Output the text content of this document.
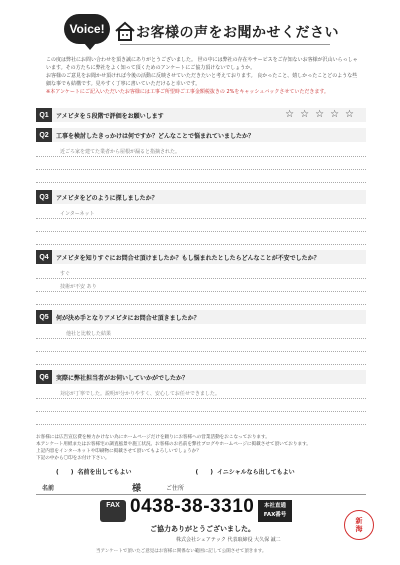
Voice!	お客様の声をお聞かせください

この度は弊社にお問い合わせを頂き誠にありがとうございました。 世の中には弊社の存在やサービスをご存知ないお客様が沢山いらっしゃいます。その方たちに弊社をよく知って頂くためのアンケートにご協力頂けないでしょうか。

お客様のご意見をお聞かせ頂ければ今後の活動に反映させていただきたいと考えております。 良かったこと、嬉しかったことどのような些細な事でも結構です。見やすく丁寧に書いていただけると幸いです。

※本アンケートにご記入いただいたお客様には工事ご所望時ご工事金額税抜きの 2%をキャッシュバックさせていただきます。

Q1	アメピタを５段階で評価をお願いします	☆☆☆☆☆
Q2	工事を検討したきっかけは何ですか？どんなことで悩まれていましたか？
近ごろ家を建てた業者から屋根が漏ると指摘された。
Q3	アメピタをどのように探しましたか？
インターネット
Q4	アメピタを知りすぐにお問合せ頂けましたか？もし悩まれたとしたらどんなことが不安でしたか？
すぐ
技術が不安 あり
Q5	何が決め手となりアメピタにお問合せ頂きましたか？
他社と比較した結果
Q6	実際に弊社担当者がお伺いしていかがでしたか？
対応が丁寧でした。説明が分かりやすく、安心してお任せできました。

お客様には広告宣伝費を極力かけない為にホームページだけを頼りにお客様への営業活動をおこなっております。

本アンケート用紙またはお客様宅の調査風景や施工状況、お客様のお名前を弊社ブログやホームページに掲載させて頂いております。

上記内容をインターネットや印刷物に掲載させて頂いてもよろしいでしょうか？

下記の中から〇印をお付け下さい。

(　　) 名前を出してもよい	(　　) イニシャルなら出してもよい
名前	様	ご住所
FAX 0438-38-3310	本社直通
FAX番号
ご協力ありがとうございました。
株式会社シェアテック 代表取締役 大久保 誠二
当アンケートで頂いたご意見はお客様に関係ない範囲に記して公開させて頂きます。
新
海
